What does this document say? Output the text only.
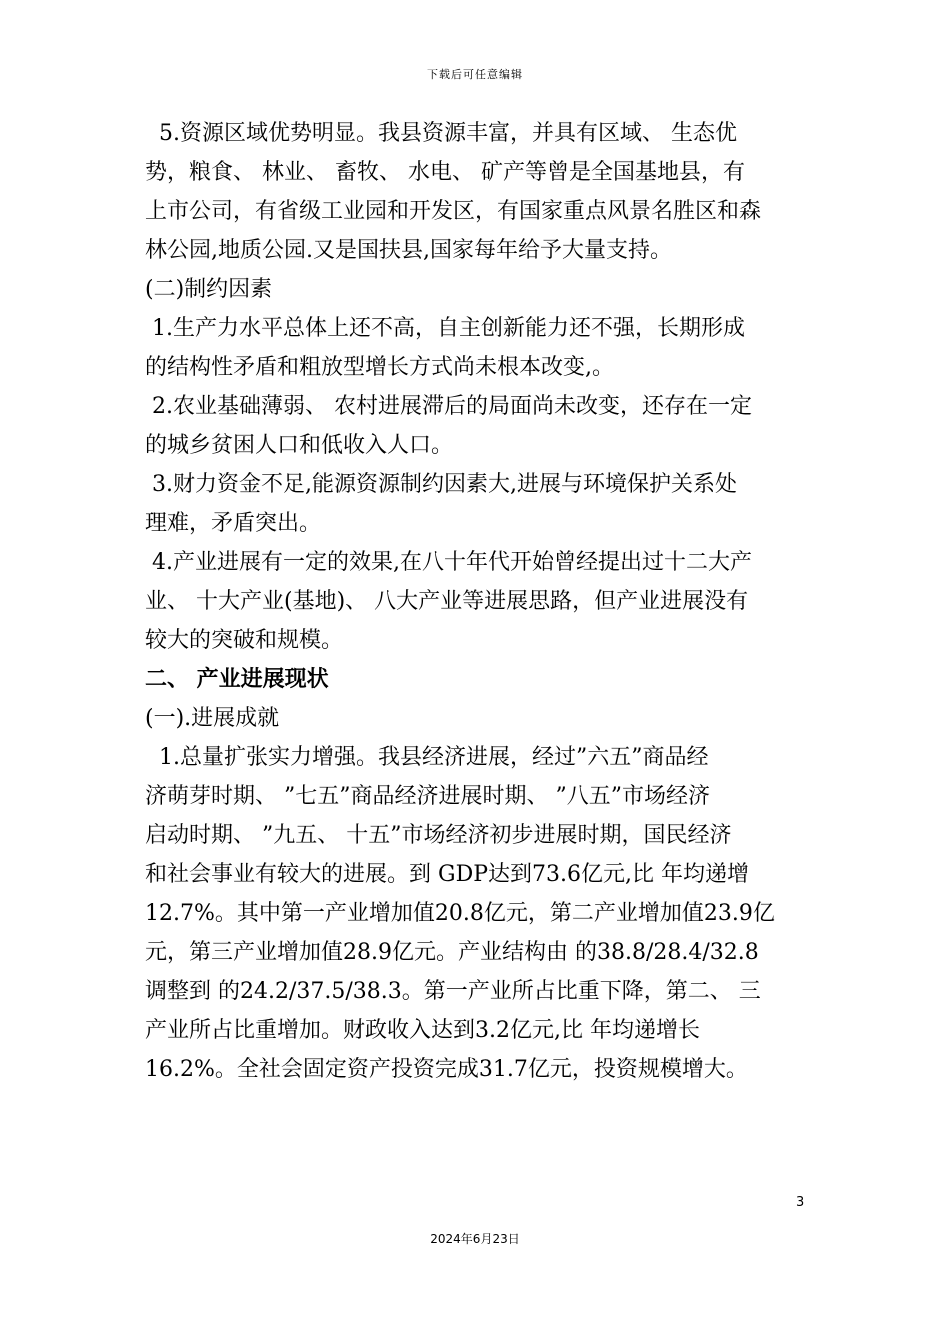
下载后可任意编辑
5.资源区域优势明显。我县资源丰富，并具有区域、 生态优
势，粮食、 林业、 畜牧、 水电、 矿产等曾是全国基地县，有
上市公司，有省级工业园和开发区，有国家重点风景名胜区和森
林公园,地质公园.又是国扶县,国家每年给予大量支持。
(二)制约因素
1.生产力水平总体上还不高，自主创新能力还不强，长期形成
的结构性矛盾和粗放型增长方式尚未根本改变,。
2.农业基础薄弱、 农村进展滞后的局面尚未改变，还存在一定
的城乡贫困人口和低收入人口。
3.财力资金不足,能源资源制约因素大,进展与环境保护关系处
理难，矛盾突出。
4.产业进展有一定的效果,在八十年代开始曾经提出过十二大产
业、 十大产业(基地)、 八大产业等进展思路，但产业进展没有
较大的突破和规模。
二、 产业进展现状
(一).进展成就
1.总量扩张实力增强。我县经济进展，经过”六五”商品经
济萌芽时期、 ”七五”商品经济进展时期、 ”八五”市场经济
启动时期、 ”九五、 十五”市场经济初步进展时期，国民经济
和社会事业有较大的进展。到 GDP达到73.6亿元,比 年均递增
12.7%。其中第一产业增加值20.8亿元，第二产业增加值23.9亿
元，第三产业增加值28.9亿元。产业结构由 的38.8/28.4/32.8
调整到 的24.2/37.5/38.3。第一产业所占比重下降，第二、 三
产业所占比重增加。财政收入达到3.2亿元,比 年均递增长
16.2%。全社会固定资产投资完成31.7亿元，投资规模增大。
3
2024年6月23日
